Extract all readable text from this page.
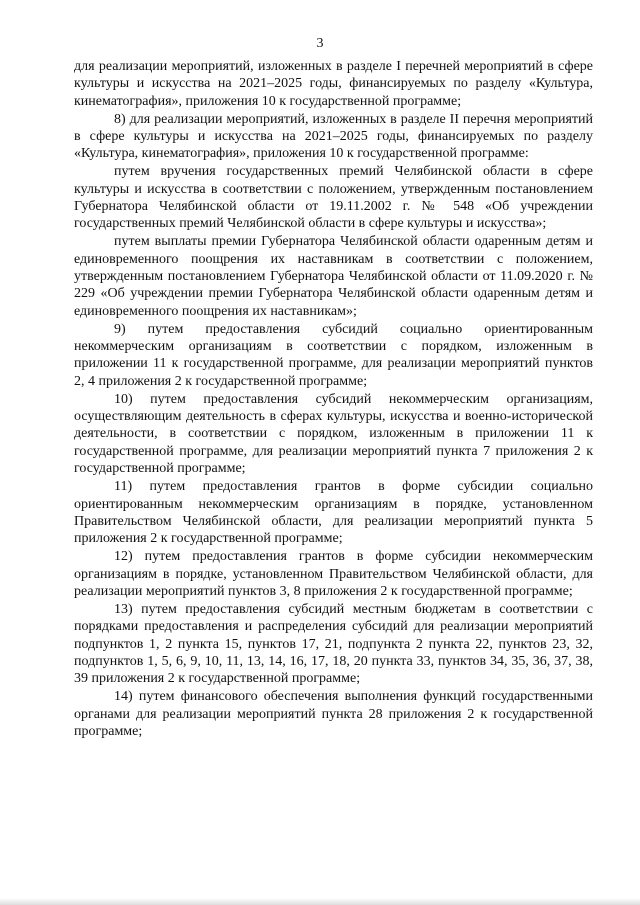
3

для реализации мероприятий, изложенных в разделе I перечней мероприятий в сфере культуры и искусства на 2021–2025 годы, финансируемых по разделу «Культура, кинематография», приложения 10 к государственной программе;

8) для реализации мероприятий, изложенных в разделе II перечня мероприятий в сфере культуры и искусства на 2021–2025 годы, финансируемых по разделу «Культура, кинематография», приложения 10 к государственной программе:

путем вручения государственных премий Челябинской области в сфере культуры и искусства в соответствии с положением, утвержденным постановлением Губернатора Челябинской области от 19.11.2002 г. № 548 «Об учреждении государственных премий Челябинской области в сфере культуры и искусства»;

путем выплаты премии Губернатора Челябинской области одаренным детям и единовременного поощрения их наставникам в соответствии с положением, утвержденным постановлением Губернатора Челябинской области от 11.09.2020 г. № 229 «Об учреждении премии Губернатора Челябинской области одаренным детям и единовременного поощрения их наставникам»;

9) путем предоставления субсидий социально ориентированным некоммерческим организациям в соответствии с порядком, изложенным в приложении 11 к государственной программе, для реализации мероприятий пунктов 2, 4 приложения 2 к государственной программе;

10) путем предоставления субсидий некоммерческим организациям, осуществляющим деятельность в сферах культуры, искусства и военно-исторической деятельности, в соответствии с порядком, изложенным в приложении 11 к государственной программе, для реализации мероприятий пункта 7 приложения 2 к государственной программе;

11) путем предоставления грантов в форме субсидии социально ориентированным некоммерческим организациям в порядке, установленном Правительством Челябинской области, для реализации мероприятий пункта 5 приложения 2 к государственной программе;

12) путем предоставления грантов в форме субсидии некоммерческим организациям в порядке, установленном Правительством Челябинской области, для реализации мероприятий пунктов 3, 8 приложения 2 к государственной программе;

13) путем предоставления субсидий местным бюджетам в соответствии с порядками предоставления и распределения субсидий для реализации мероприятий подпунктов 1, 2 пункта 15, пунктов 17, 21, подпункта 2 пункта 22, пунктов 23, 32, подпунктов 1, 5, 6, 9, 10, 11, 13, 14, 16, 17, 18, 20 пункта 33, пунктов 34, 35, 36, 37, 38, 39 приложения 2 к государственной программе;

14) путем финансового обеспечения выполнения функций государственными органами для реализации мероприятий пункта 28 приложения 2 к государственной программе;
